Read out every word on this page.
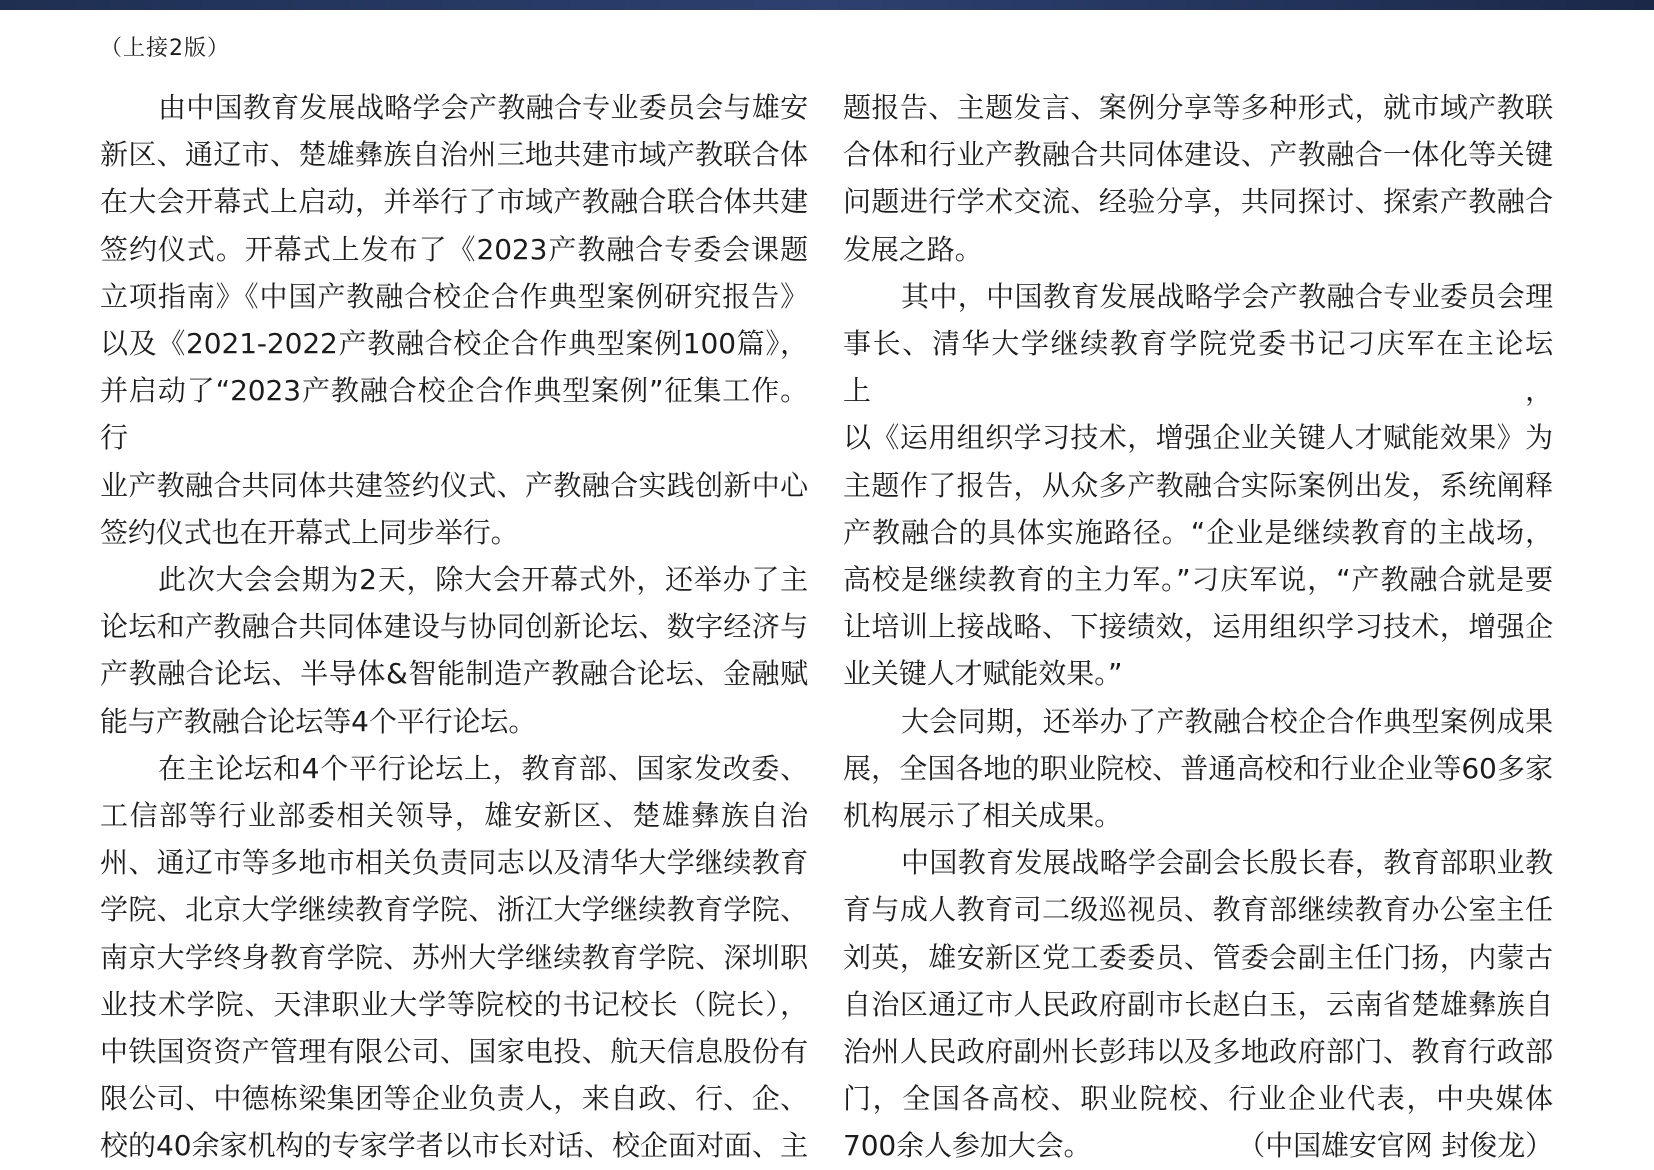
（上接2版）

由中国教育发展战略学会产教融合专业委员会与雄安

新区、通辽市、楚雄彝族自治州三地共建市域产教联合体

在大会开幕式上启动，并举行了市域产教融合联合体共建

签约仪式。开幕式上发布了《2023产教融合专委会课题

立项指南》《中国产教融合校企合作典型案例研究报告》

以及《2021-2022产教融合校企合作典型案例100篇》，

并启动了“2023产教融合校企合作典型案例”征集工作。行

业产教融合共同体共建签约仪式、产教融合实践创新中心

签约仪式也在开幕式上同步举行。

此次大会会期为2天，除大会开幕式外，还举办了主

论坛和产教融合共同体建设与协同创新论坛、数字经济与

产教融合论坛、半导体&智能制造产教融合论坛、金融赋

能与产教融合论坛等4个平行论坛。

在主论坛和4个平行论坛上，教育部、国家发改委、

工信部等行业部委相关领导，雄安新区、楚雄彝族自治

州、通辽市等多地市相关负责同志以及清华大学继续教育

学院、北京大学继续教育学院、浙江大学继续教育学院、

南京大学终身教育学院、苏州大学继续教育学院、深圳职

业技术学院、天津职业大学等院校的书记校长（院长），

中铁国资资产管理有限公司、国家电投、航天信息股份有

限公司、中德栋梁集团等企业负责人，来自政、行、企、

校的40余家机构的专家学者以市长对话、校企面对面、主

题报告、主题发言、案例分享等多种形式，就市域产教联

合体和行业产教融合共同体建设、产教融合一体化等关键

问题进行学术交流、经验分享，共同探讨、探索产教融合

发展之路。

其中，中国教育发展战略学会产教融合专业委员会理

事长、清华大学继续教育学院党委书记刁庆军在主论坛上，

以《运用组织学习技术，增强企业关键人才赋能效果》为

主题作了报告，从众多产教融合实际案例出发，系统阐释

产教融合的具体实施路径。“企业是继续教育的主战场，

高校是继续教育的主力军。”刁庆军说，“产教融合就是要

让培训上接战略、下接绩效，运用组织学习技术，增强企

业关键人才赋能效果。”

大会同期，还举办了产教融合校企合作典型案例成果

展，全国各地的职业院校、普通高校和行业企业等60多家

机构展示了相关成果。

中国教育发展战略学会副会长殷长春，教育部职业教

育与成人教育司二级巡视员、教育部继续教育办公室主任

刘英，雄安新区党工委委员、管委会副主任门扬，内蒙古

自治区通辽市人民政府副市长赵白玉，云南省楚雄彝族自

治州人民政府副州长彭玮以及多地政府部门、教育行政部

门，全国各高校、职业院校、行业企业代表，中央媒体

700余人参加大会。	（中国雄安官网 封俊龙）
